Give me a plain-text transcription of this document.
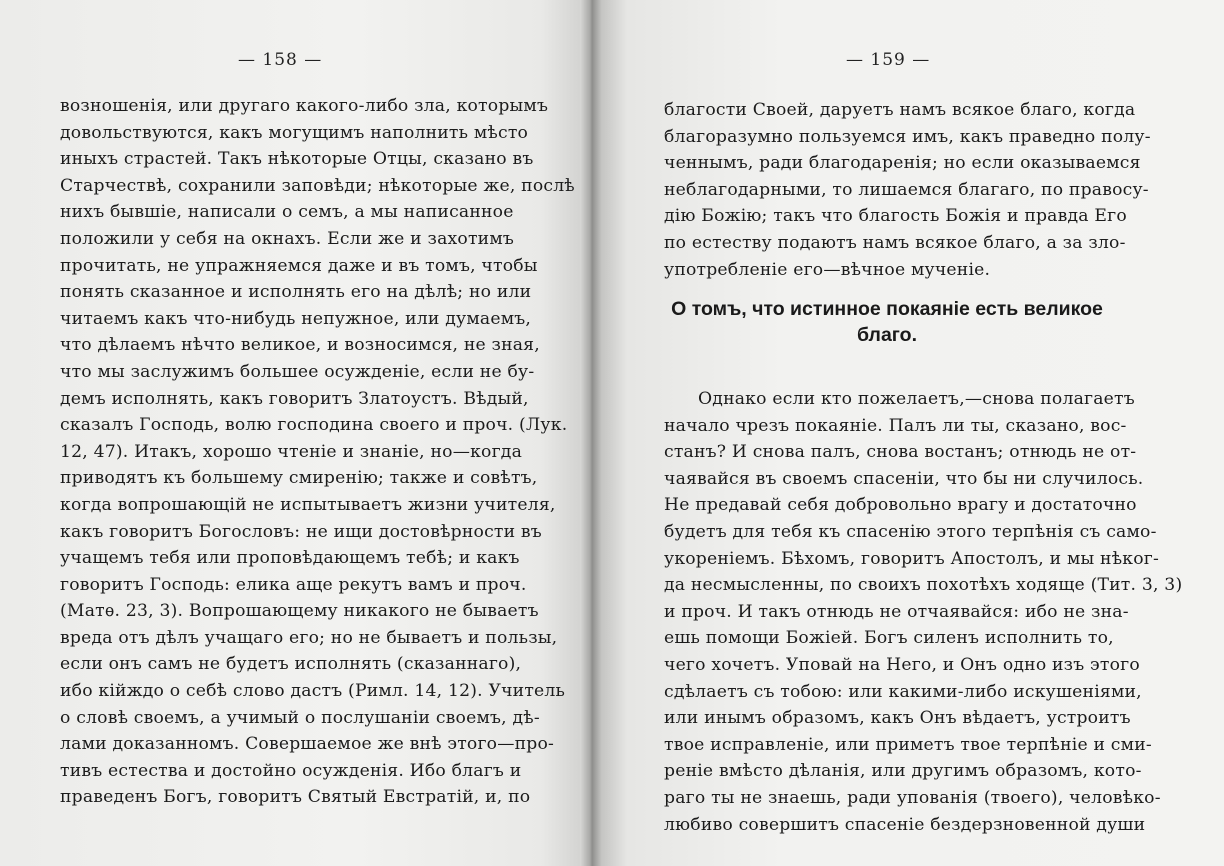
— 158 —
возношенія, или другаго какого-либо зла, которымъ
довольствуются, какъ могущимъ наполнить мѣсто
иныхъ страстей. Такъ нѣкоторые Отцы, сказано въ
Старчествѣ, сохранили заповѣди; нѣкоторые же, послѣ
нихъ бывшіе, написали о семъ, а мы написанное
положили у себя на окнахъ. Если же и захотимъ
прочитать, не упражняемся даже и въ томъ, чтобы
понять сказанное и исполнять его на дѣлѣ; но или
читаемъ какъ что-нибудь непужное, или думаемъ,
что дѣлаемъ нѣчто великое, и возносимся, не зная,
что мы заслужимъ большее осужденіе, если не бу-
демъ исполнять, какъ говоритъ Златоустъ. Вѣдый,
сказалъ Господь, волю господина своего и проч. (Лук.
12, 47). Итакъ, хорошо чтеніе и знаніе, но—когда
приводятъ къ большему смиренію; также и совѣтъ,
когда вопрошающій не испытываетъ жизни учителя,
какъ говоритъ Богословъ: не ищи достовѣрности въ
учащемъ тебя или проповѣдающемъ тебѣ; и какъ
говоритъ Господь: елика аще рекутъ вамъ и проч.
(Матѳ. 23, 3). Вопрошающему никакого не бываетъ
вреда отъ дѣлъ учащаго его; но не бываетъ и пользы,
если онъ самъ не будетъ исполнять (сказаннаго),
ибо кійждо о себѣ слово дастъ (Римл. 14, 12). Учитель
о словѣ своемъ, а учимый о послушаніи своемъ, дѣ-
лами доказанномъ. Совершаемое же внѣ этого—про-
тивъ естества и достойно осужденія. Ибо благъ и
праведенъ Богъ, говоритъ Святый Евстратій, и, по
— 159 —
благости Своей, даруетъ намъ всякое благо, когда
благоразумно пользуемся имъ, какъ праведно полу-
ченнымъ, ради благодаренія; но если оказываемся
неблагодарными, то лишаемся благаго, по правосу-
дію Божію; такъ что благость Божія и правда Его
по естеству подаютъ намъ всякое благо, а за зло-
употребленіе его—вѣчное мученіе.
О томъ, что истинное покаяніе есть великое
благо.
Однако если кто пожелаетъ,—снова полагаетъ
начало чрезъ покаяніе. Палъ ли ты, сказано, вос-
станъ? И снова палъ, снова востанъ; отнюдь не от-
чаявайся въ своемъ спасеніи, что бы ни случилось.
Не предавай себя добровольно врагу и достаточно
будетъ для тебя къ спасенію этого терпѣнія съ само-
укореніемъ. Бѣхомъ, говоритъ Апостолъ, и мы нѣког-
да несмысленны, по своихъ похотѣхъ ходяще (Тит. 3, 3)
и проч. И такъ отнюдь не отчаявайся: ибо не зна-
ешь помощи Божіей. Богъ силенъ исполнить то,
чего хочетъ. Уповай на Него, и Онъ одно изъ этого
сдѣлаетъ съ тобою: или какими-либо искушеніями,
или инымъ образомъ, какъ Онъ вѣдаетъ, устроитъ
твое исправленіе, или приметъ твое терпѣніе и сми-
реніе вмѣсто дѣланія, или другимъ образомъ, кото-
раго ты не знаешь, ради упованія (твоего), человѣко-
любиво совершитъ спасеніе бездерзновенной души
